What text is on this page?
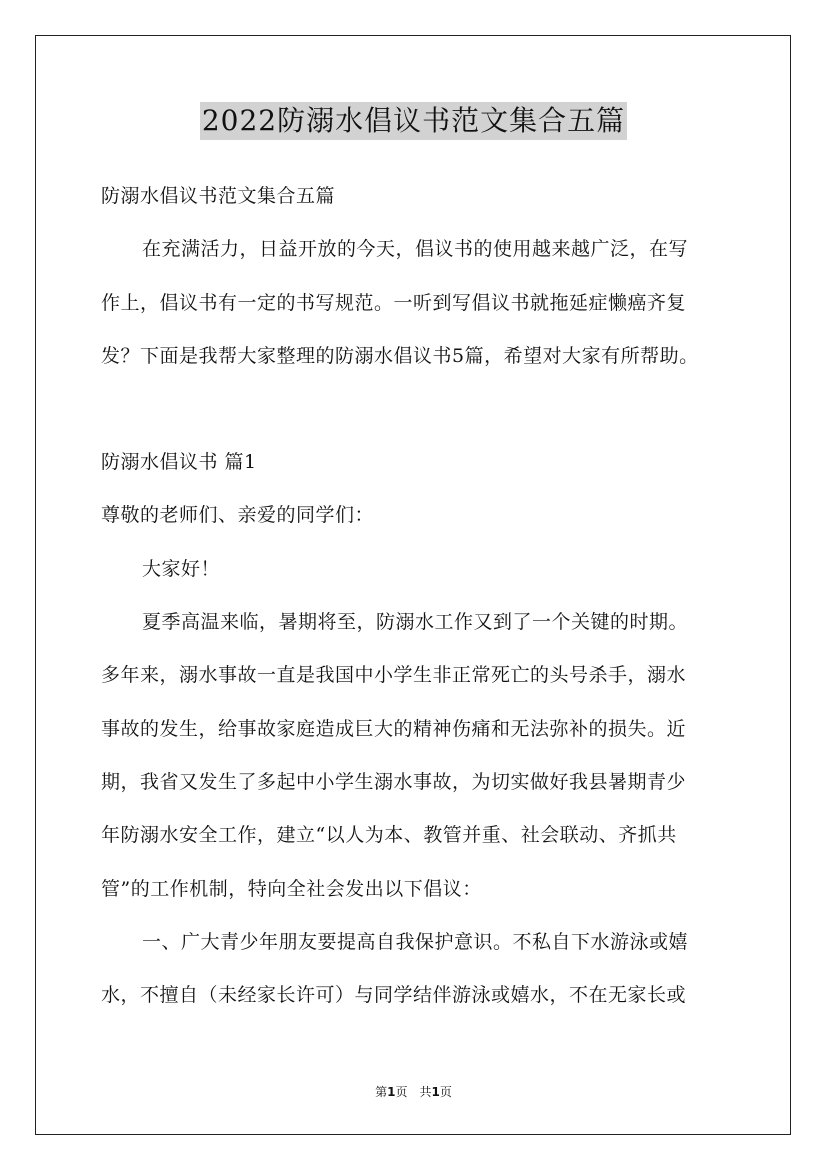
2022防溺水倡议书范文集合五篇
防溺水倡议书范文集合五篇
在充满活力，日益开放的今天，倡议书的使用越来越广泛，在写
作上，倡议书有一定的书写规范。一听到写倡议书就拖延症懒癌齐复
发？下面是我帮大家整理的防溺水倡议书5篇，希望对大家有所帮助。
防溺水倡议书 篇1
尊敬的老师们、亲爱的同学们：
大家好！
夏季高温来临，暑期将至，防溺水工作又到了一个关键的时期。
多年来，溺水事故一直是我国中小学生非正常死亡的头号杀手，溺水
事故的发生，给事故家庭造成巨大的精神伤痛和无法弥补的损失。近
期，我省又发生了多起中小学生溺水事故，为切实做好我县暑期青少
年防溺水安全工作，建立“以人为本、教管并重、社会联动、齐抓共
管”的工作机制，特向全社会发出以下倡议：
一、广大青少年朋友要提高自我保护意识。不私自下水游泳或嬉
水，不擅自（未经家长许可）与同学结伴游泳或嬉水，不在无家长或
第1页　共1页
